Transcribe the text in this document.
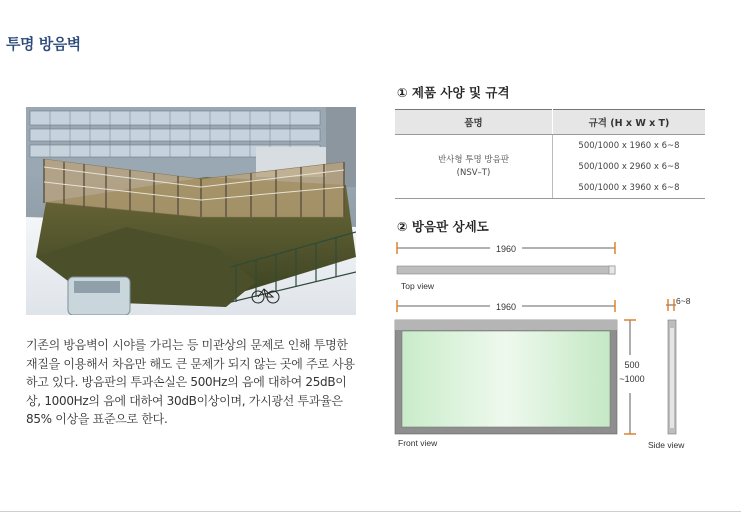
투명 방음벽
기존의 방음벽이 시야를 가리는 등 미관상의 문제로 인해 투명한 재질을 이용해서 차음만 해도 큰 문제가 되지 않는 곳에 주로 사용하고 있다. 방음판의 투과손실은 500Hz의 음에 대하여 25dB이상, 1000Hz의 음에 대하여 30dB이상이며, 가시광선 투과율은 85% 이상을 표준으로 한다.
① 제품 사양 및 규격
품명	규격 (H x W x T)

반사형 투명 방음판
(NSV–T)	500/1000 x 1960 x 6~8
	500/1000 x 2960 x 6~8
	500/1000 x 3960 x 6~8
② 방음판 상세도
1960
Top view
1960
Front view
500
~1000
6~8
Side view
